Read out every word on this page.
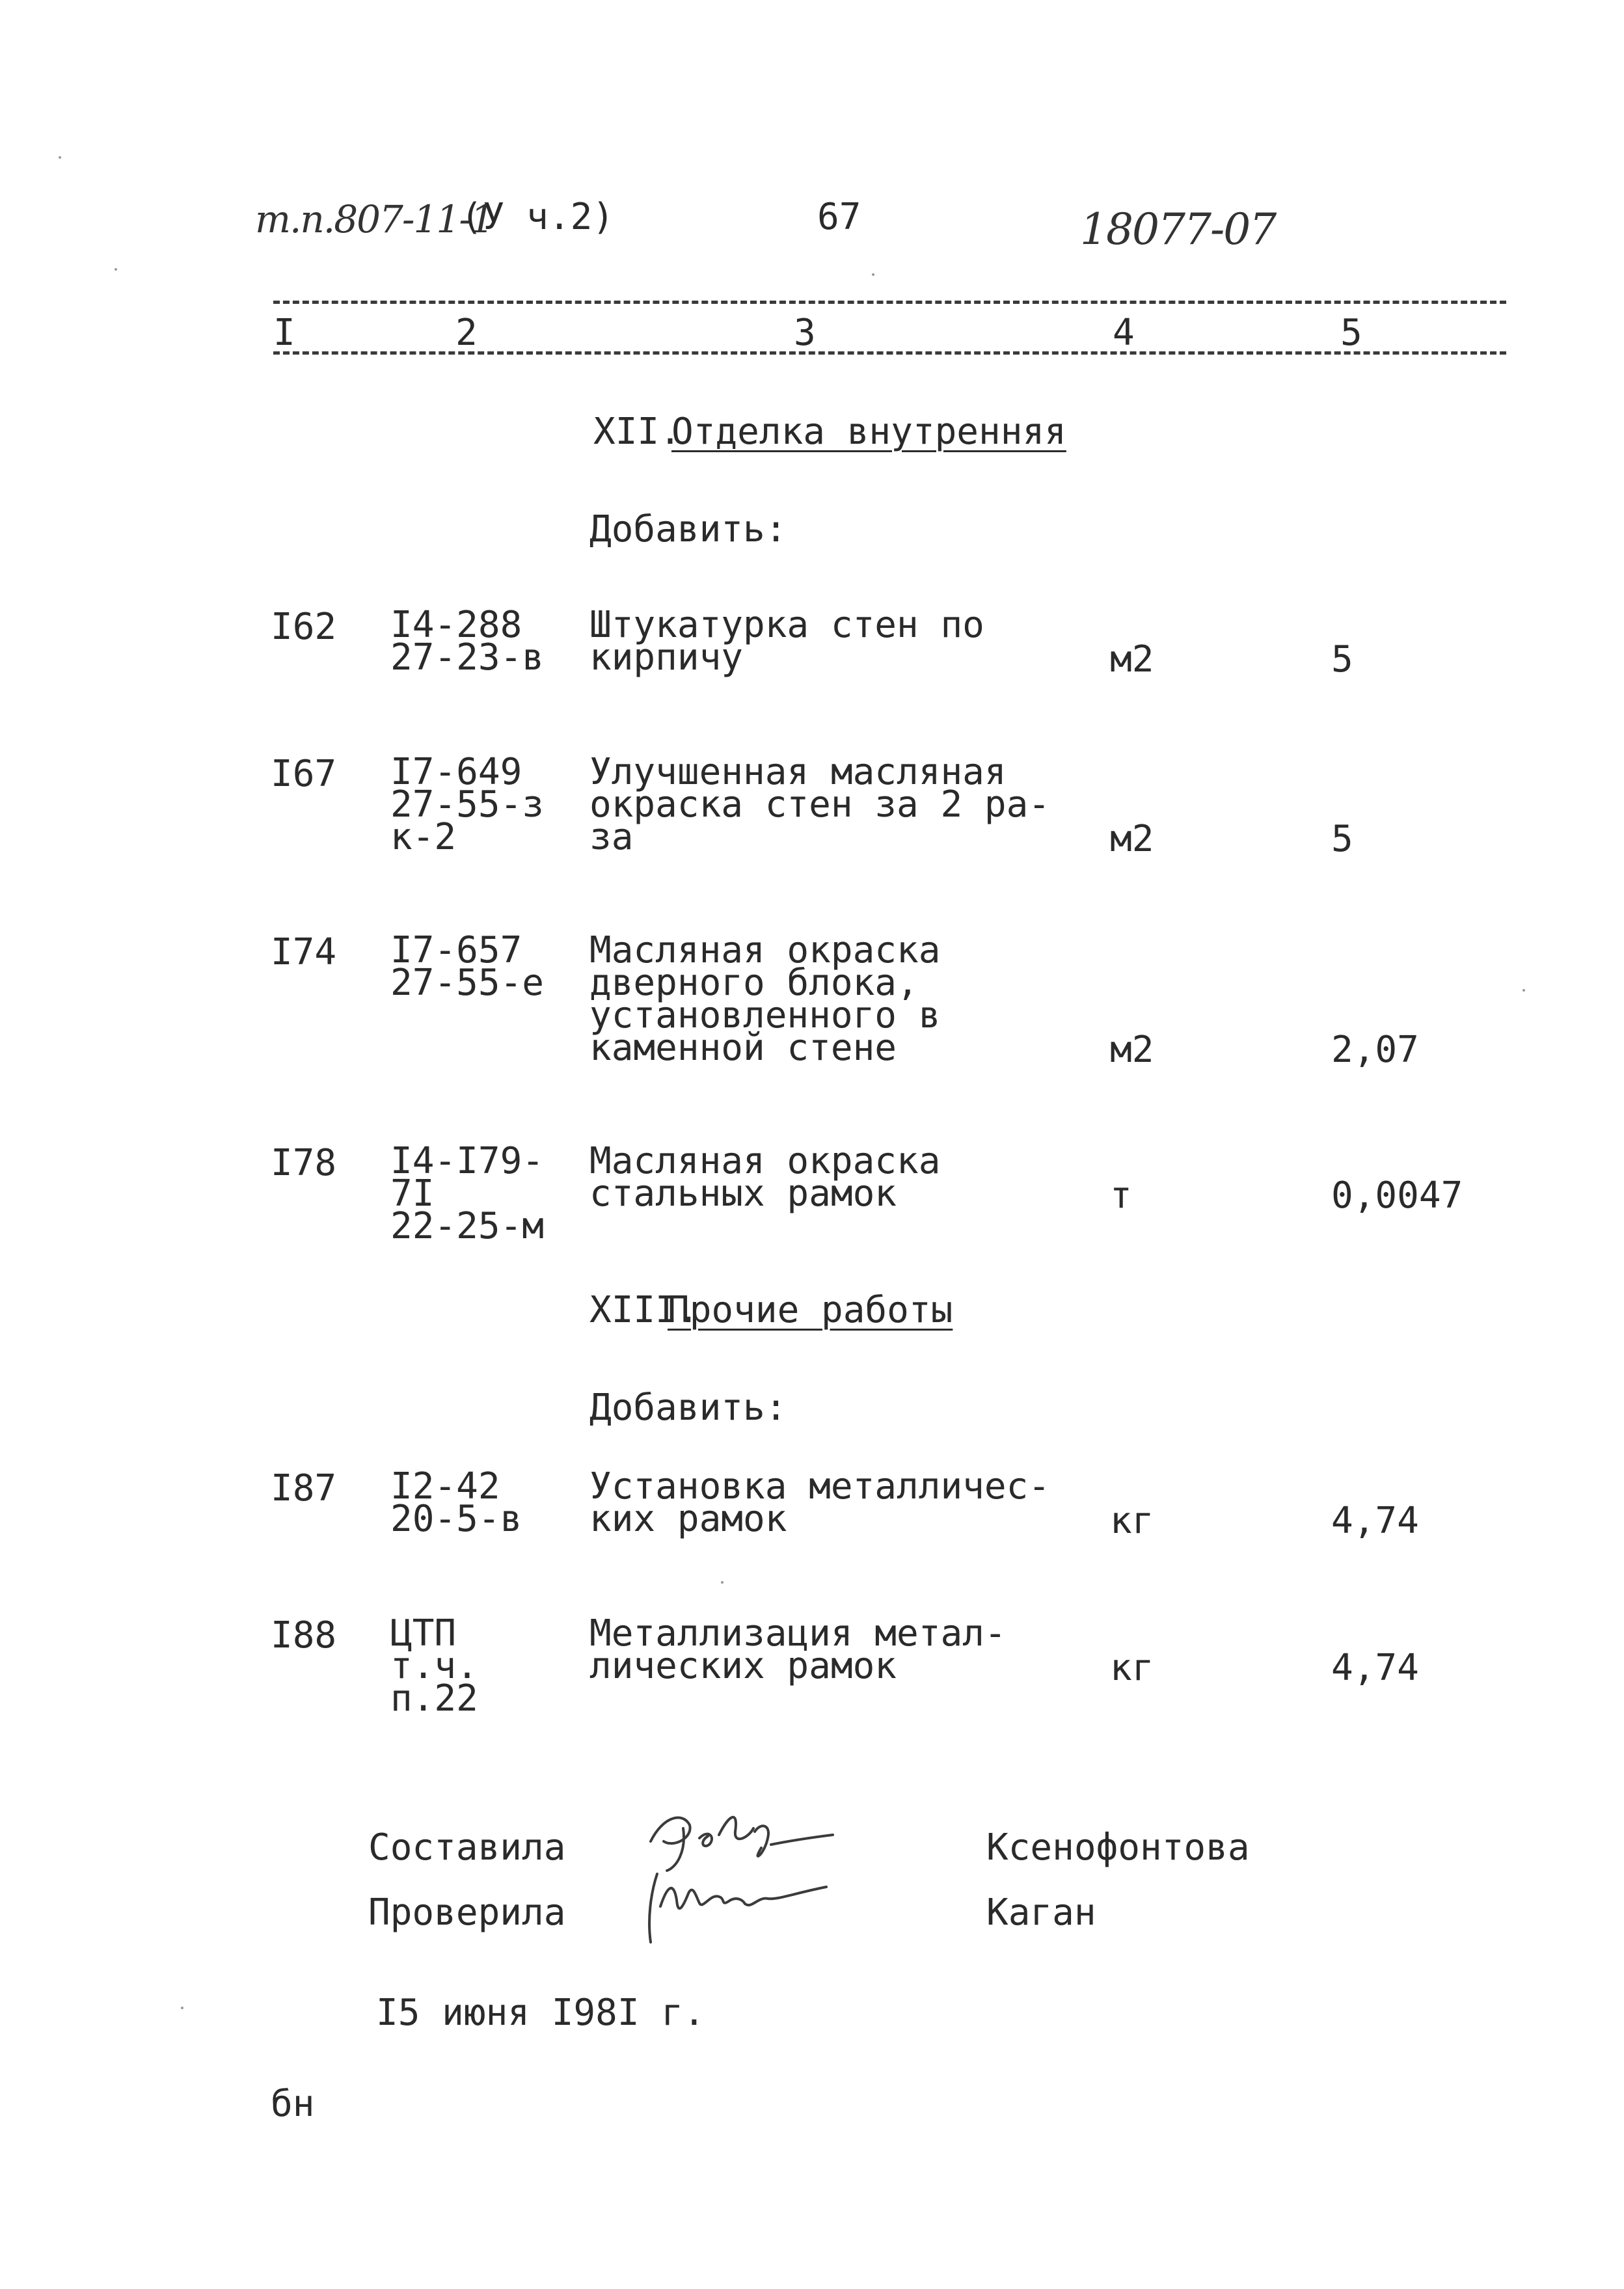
т.п.807-11-1
(У ч.2)	67	18077-07
I	2	3	4	5
XII.
Отделка внутренняя
Добавить:
I62 I4-288
27-23-в
Штукатурка стен по
кирпичу	м2	5
I67 I7-649
27-55-з
к-2
Улучшенная масляная
окраска стен за 2 ра-
за	м2	5
I74 I7-657
27-55-е
Масляная окраска
дверного блока,
установленного в
каменной стене	м2	2,07
I78 I4-I79-
7I
22-25-м
Масляная окраска
стальных рамок	т	0,0047
XIII.
Прочие работы
Добавить:
I87 I2-42
20-5-в
Установка металличес-
ких рамок	кг	4,74
I88 ЦТП
т.ч.
п.22
Металлизация метал-
лических рамок	кг	4,74
Составила	Ксенофонтова
Проверила	Каган
I5 июня I98I г.
бн
